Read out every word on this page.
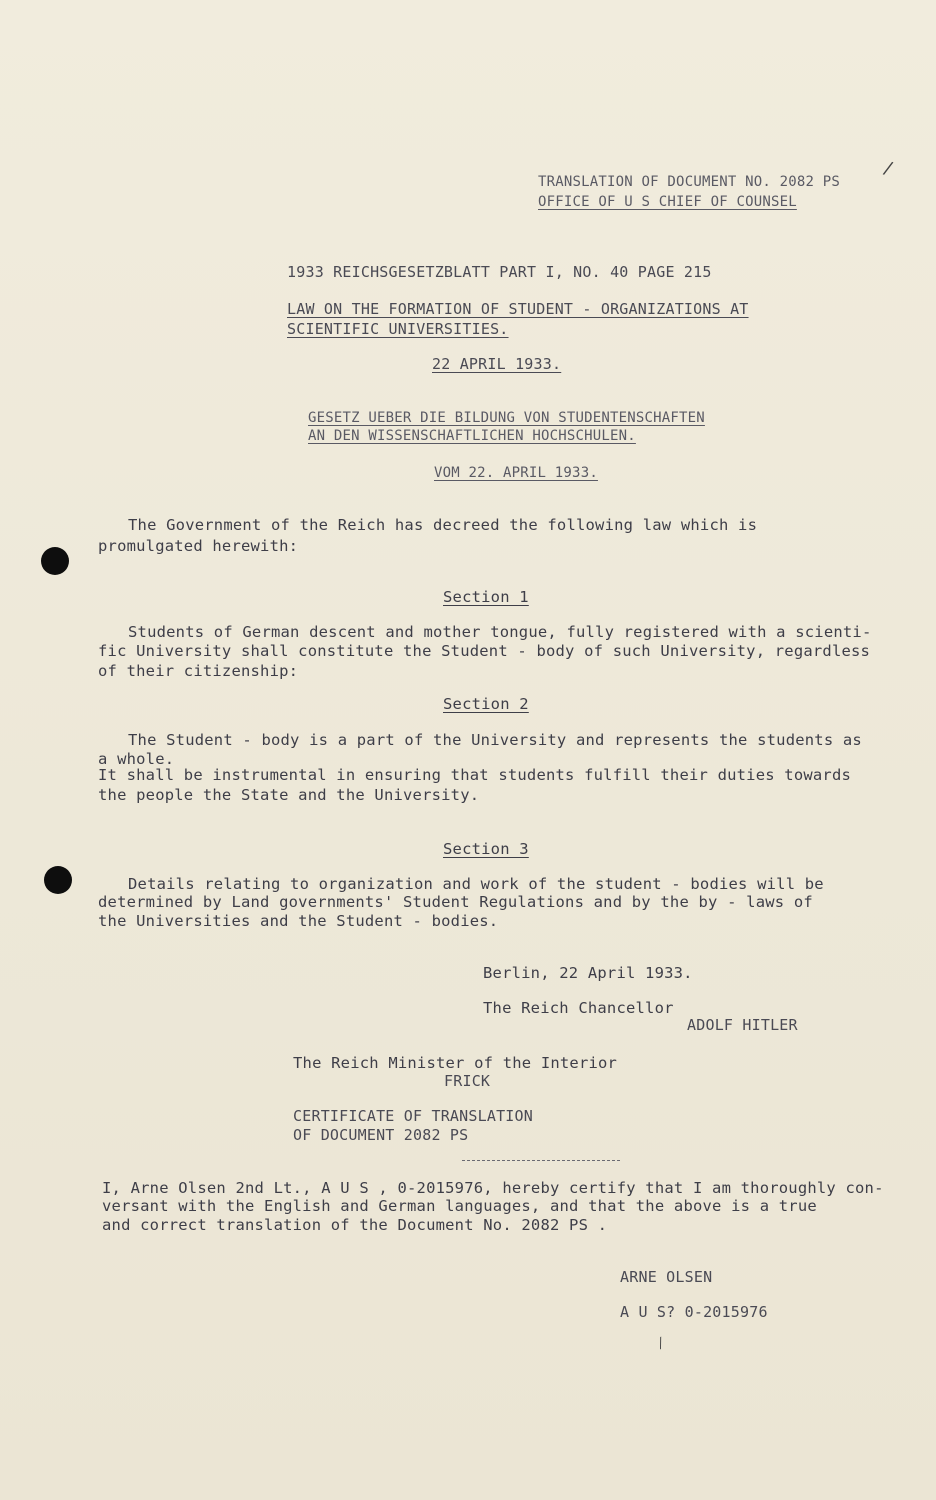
/
TRANSLATION OF DOCUMENT NO. 2082 PS
OFFICE OF U S CHIEF OF COUNSEL
1933 REICHSGESETZBLATT PART I, NO. 40 PAGE 215
LAW ON THE FORMATION OF STUDENT - ORGANIZATIONS AT
SCIENTIFIC UNIVERSITIES.
22 APRIL 1933.
GESETZ UEBER DIE BILDUNG VON STUDENTENSCHAFTEN
AN DEN WISSENSCHAFTLICHEN HOCHSCHULEN.
VOM 22. APRIL 1933.
The Government of the Reich has decreed the following law which is
promulgated herewith:
Section 1
Students of German descent and mother tongue, fully registered with a scienti-
fic University shall constitute the Student - body of such University, regardless
of their citizenship:
Section 2
The Student - body is a part of the University and represents the students as
a whole.
It shall be instrumental in ensuring that students fulfill their duties towards
the people the State and the University.
Section 3
Details relating to organization and work of the student - bodies will be
determined by Land governments' Student Regulations and by the by - laws of
the Universities and the Student - bodies.
Berlin, 22 April 1933.
The Reich Chancellor
ADOLF HITLER
The Reich Minister of the Interior
FRICK
CERTIFICATE OF TRANSLATION
OF DOCUMENT 2082 PS
I, Arne Olsen 2nd Lt., A U S , 0-2015976, hereby certify that I am thoroughly con-
versant with the English and German languages, and that the above is a true
and correct translation of the Document No. 2082 PS .
ARNE OLSEN
A U S? 0-2015976
⁄
